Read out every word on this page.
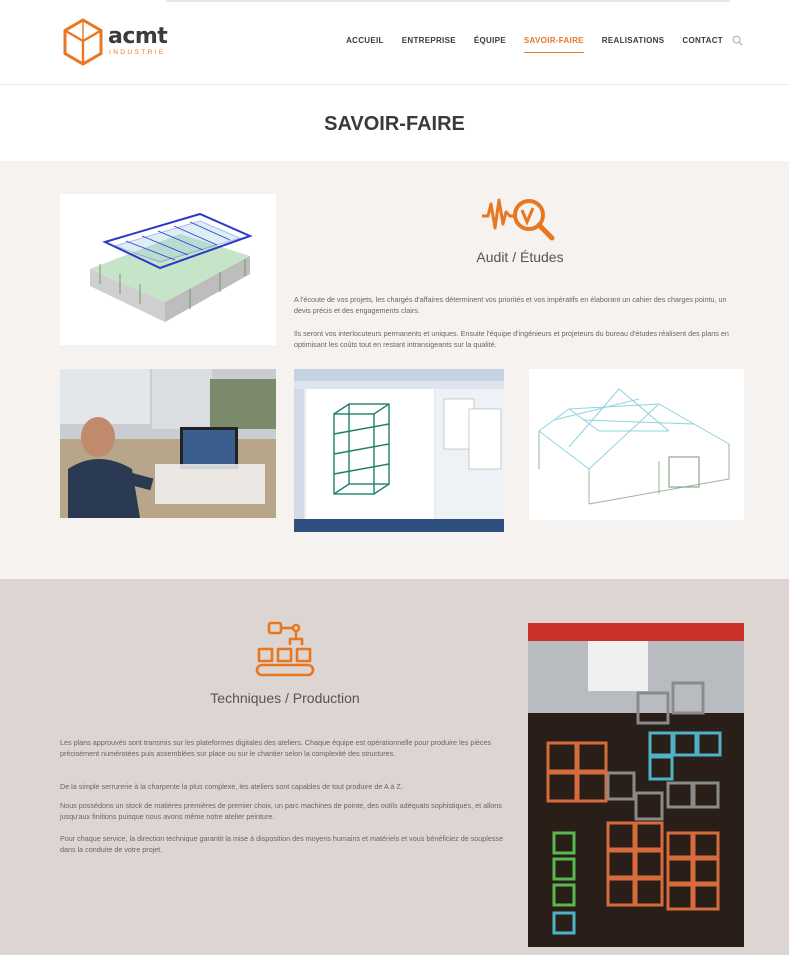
acmt
INDUSTRIE
ACCUEIL ENTREPRISE ÉQUIPE SAVOIR-FAIRE REALISATIONS CONTACT
SAVOIR-FAIRE
Audit / Études

A l'écoute de vos projets, les chargés d'affaires déterminent vos priorités et vos impératifs en élaborant un cahier des charges pointu, un devis précis et des engagements clairs.

Ils seront vos interlocuteurs permanents et uniques. Ensuite l'équipe d'ingénieurs et projeteurs du bureau d'études réalisent des plans en optimisant les coûts tout en restant intransigeants sur la qualité.

Techniques / Production

Les plans approuvés sont transmis sur les plateformes digitales des ateliers. Chaque équipe est opérationnelle pour produire les pièces précisément numérotées puis assemblées sur place ou sur le chantier selon la complexité des structures.

De la simple serrurerie à la charpente la plus complexe, les ateliers sont capables de tout produire de A à Z.

Nous possédons un stock de matières premières de premier choix, un parc machines de pointe, des outils adéquats sophistiqués, et allons jusqu'aux finitions puisque nous avons même notre atelier peinture.

Pour chaque service, la direction technique garantit la mise à disposition des moyens humains et matériels et vous bénéficiez de souplesse dans la conduite de votre projet.
